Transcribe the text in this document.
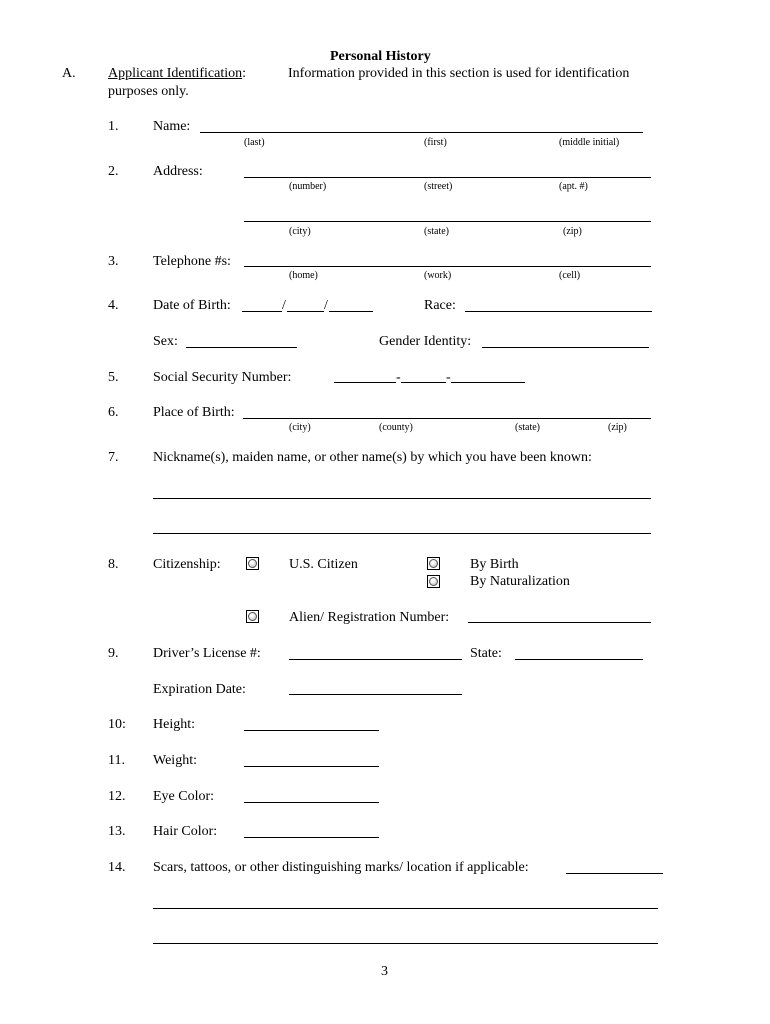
Personal History
A. Applicant Identification:	Information provided in this section is used for identification
purposes only.
1. Name:
(last)	(first)	(middle initial)
2. Address:
(number)	(street)	(apt. #)
(city)	(state)	(zip)
3. Telephone #s:
(home)	(work)	(cell)
4. Date of Birth:	/	/	Race:
Sex:	Gender Identity:
5. Social Security Number:	-	-
6. Place of Birth:
(city)	(county)	(state)	(zip)
7. Nickname(s), maiden name, or other name(s) by which you have been known:
8. Citizenship:	U.S. Citizen	By Birth
By Naturalization
Alien/ Registration Number:
9. Driver’s License #:	State:
Expiration Date:
10: Height:
11. Weight:
12. Eye Color:
13. Hair Color:
14. Scars, tattoos, or other distinguishing marks/ location if applicable:
3
